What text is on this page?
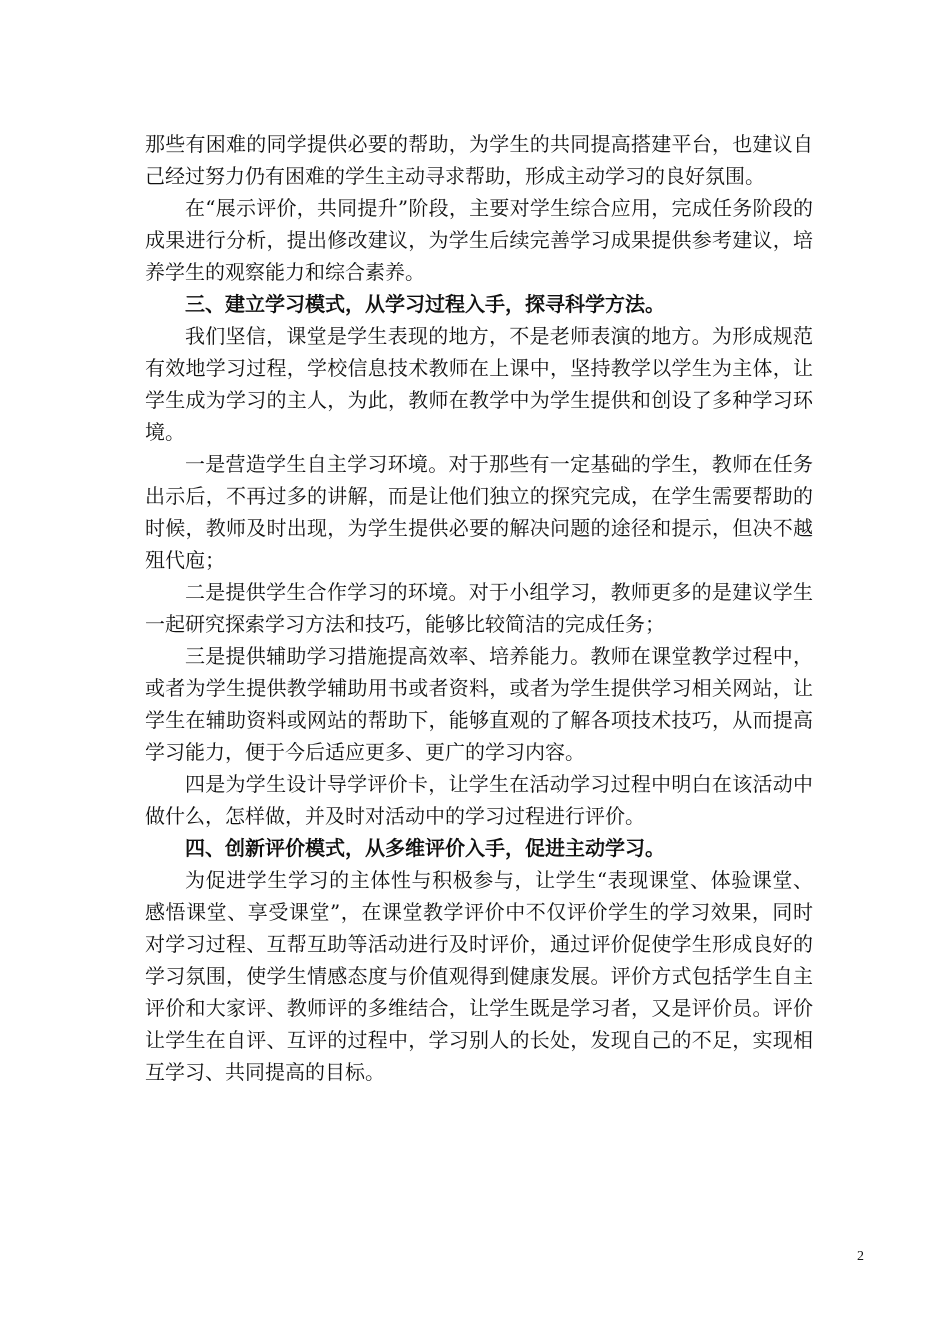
那些有困难的同学提供必要的帮助，为学生的共同提高搭建平台，也建议自己经过努力仍有困难的学生主动寻求帮助，形成主动学习的良好氛围。

在“展示评价，共同提升”阶段，主要对学生综合应用，完成任务阶段的成果进行分析，提出修改建议，为学生后续完善学习成果提供参考建议，培养学生的观察能力和综合素养。

三、建立学习模式，从学习过程入手，探寻科学方法。

我们坚信，课堂是学生表现的地方，不是老师表演的地方。为形成规范有效地学习过程，学校信息技术教师在上课中，坚持教学以学生为主体，让学生成为学习的主人，为此，教师在教学中为学生提供和创设了多种学习环境。

一是营造学生自主学习环境。对于那些有一定基础的学生，教师在任务出示后，不再过多的讲解，而是让他们独立的探究完成，在学生需要帮助的时候，教师及时出现，为学生提供必要的解决问题的途径和提示，但决不越殂代庖；

二是提供学生合作学习的环境。对于小组学习，教师更多的是建议学生一起研究探索学习方法和技巧，能够比较简洁的完成任务；

三是提供辅助学习措施提高效率、培养能力。教师在课堂教学过程中，或者为学生提供教学辅助用书或者资料，或者为学生提供学习相关网站，让学生在辅助资料或网站的帮助下，能够直观的了解各项技术技巧，从而提高学习能力，便于今后适应更多、更广的学习内容。

四是为学生设计导学评价卡，让学生在活动学习过程中明白在该活动中做什么，怎样做，并及时对活动中的学习过程进行评价。

四、创新评价模式，从多维评价入手，促进主动学习。

为促进学生学习的主体性与积极参与，让学生“表现课堂、体验课堂、感悟课堂、享受课堂”，在课堂教学评价中不仅评价学生的学习效果，同时对学习过程、互帮互助等活动进行及时评价，通过评价促使学生形成良好的学习氛围，使学生情感态度与价值观得到健康发展。评价方式包括学生自主评价和大家评、教师评的多维结合，让学生既是学习者，又是评价员。评价让学生在自评、互评的过程中，学习别人的长处，发现自己的不足，实现相互学习、共同提高的目标。

2
